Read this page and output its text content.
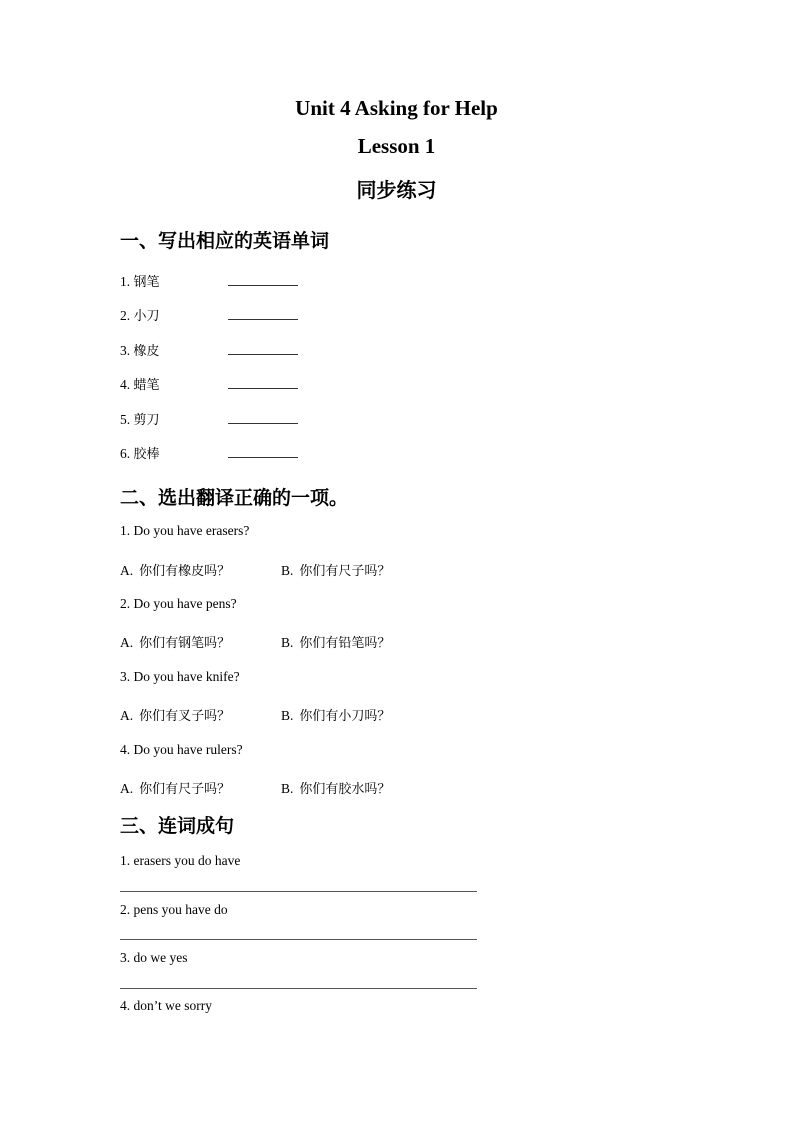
Unit 4 Asking for Help
Lesson 1
同步练习
一、写出相应的英语单词
1. 钢笔
2. 小刀
3. 橡皮
4. 蜡笔
5. 剪刀
6. 胶棒
二、选出翻译正确的一项。
1. Do you have erasers?
A. 你们有橡皮吗？	B. 你们有尺子吗？
2. Do you have pens?
A. 你们有钢笔吗？	B. 你们有铅笔吗？
3. Do you have knife?
A. 你们有叉子吗？	B. 你们有小刀吗？
4. Do you have rulers?
A. 你们有尺子吗？	B. 你们有胶水吗？
三、连词成句
1. erasers you do have
2. pens you have do
3. do we yes
4. don’t we sorry
